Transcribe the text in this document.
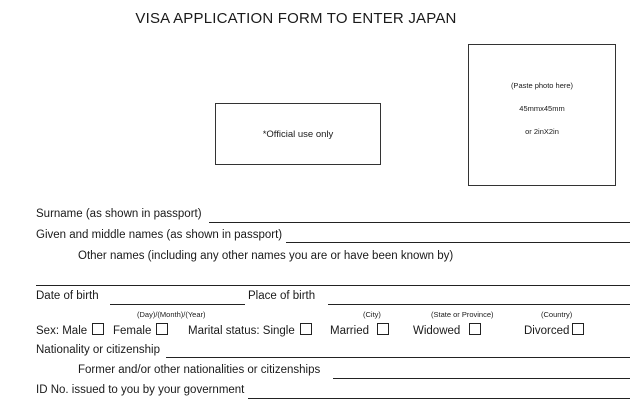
VISA APPLICATION FORM TO ENTER JAPAN
*Official use only
(Paste photo here)
45mmx45mm
or 2inX2in
Surname (as shown in passport)
Given and middle names (as shown in passport)
Other names (including any other names you are or have been known by)
Date of birth	Place of birth
(Day)/(Month)/(Year)	(City)	(State or Province)	(Country)
Sex: Male	Female	Marital status: Single	Married	Widowed	Divorced
Nationality or citizenship
Former and/or other nationalities or citizenships
ID No. issued to you by your government
